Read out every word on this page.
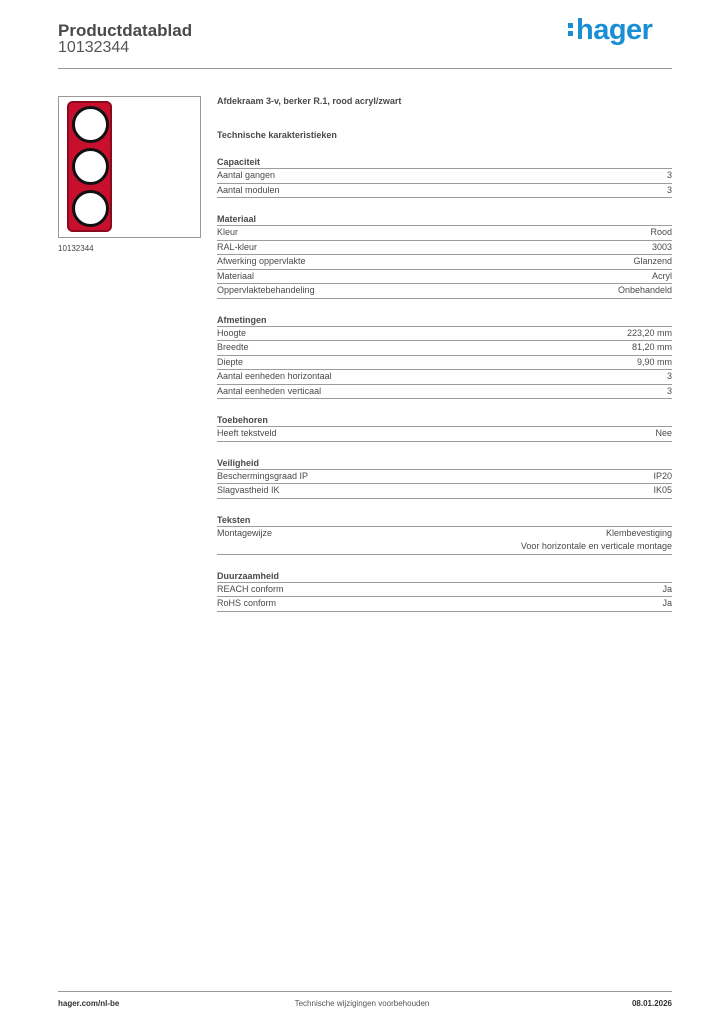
Productdatablad
10132344
hager
10132344
Afdekraam 3-v, berker R.1, rood acryl/zwart
Technische karakteristieken
Capaciteit
Aantal gangen	3
Aantal modulen	3
Materiaal
Kleur	Rood
RAL-kleur	3003
Afwerking oppervlakte	Glanzend
Materiaal	Acryl
Oppervlaktebehandeling	Onbehandeld
Afmetingen
Hoogte	223,20 mm
Breedte	81,20 mm
Diepte	9,90 mm
Aantal eenheden horizontaal	3
Aantal eenheden verticaal	3
Toebehoren
Heeft tekstveld	Nee
Veiligheid
Beschermingsgraad IP	IP20
Slagvastheid IK	IK05
Teksten
Montagewijze	Klembevestiging
Voor horizontale en verticale montage
Duurzaamheid
REACH conform	Ja
RoHS conform	Ja
hager.com/nl-be	Technische wijzigingen voorbehouden	08.01.2026
